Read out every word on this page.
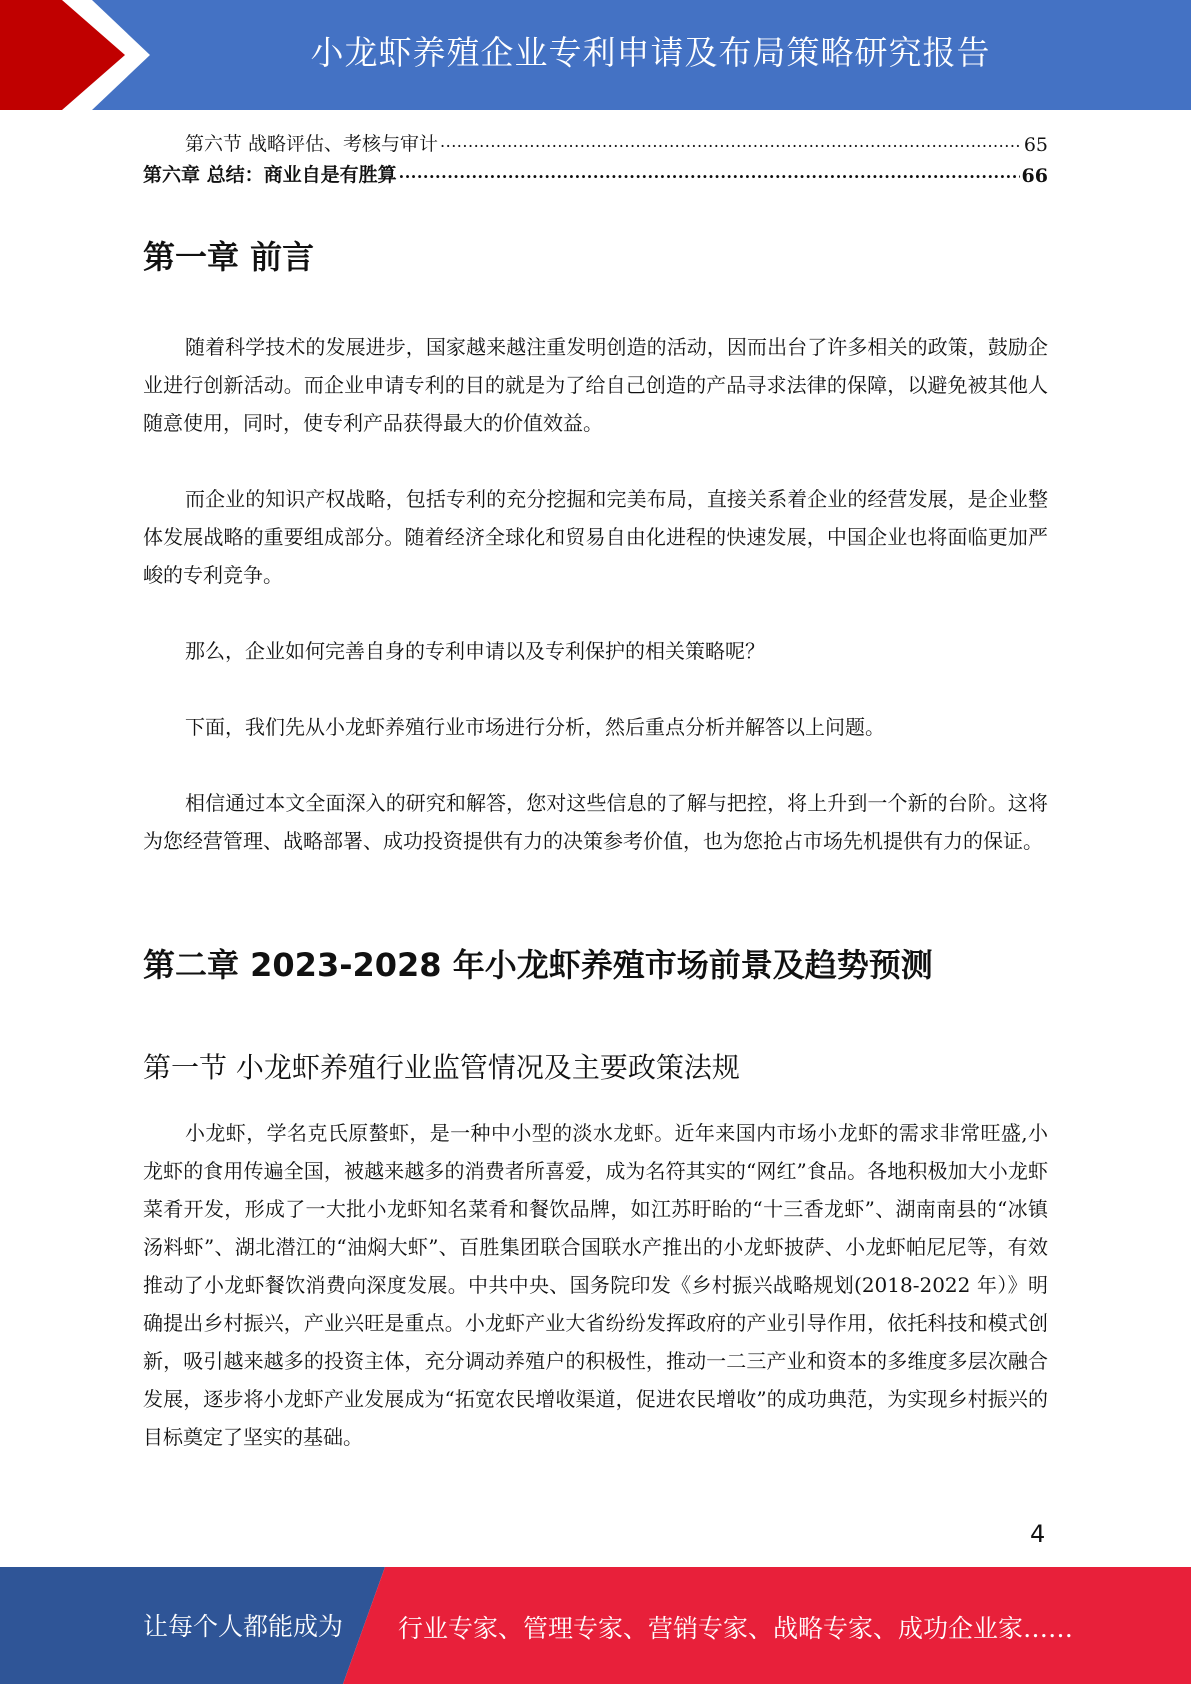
小龙虾养殖企业专利申请及布局策略研究报告
第六节 战略评估、考核与审计 .....	65
第六章 总结：商业自是有胜算 .....	66
第一章 前言

随着科学技术的发展进步，国家越来越注重发明创造的活动，因而出台了许多相关的政策，鼓励企业进行创新活动。而企业申请专利的目的就是为了给自己创造的产品寻求法律的保障，以避免被其他人随意使用，同时，使专利产品获得最大的价值效益。

而企业的知识产权战略，包括专利的充分挖掘和完美布局，直接关系着企业的经营发展，是企业整体发展战略的重要组成部分。随着经济全球化和贸易自由化进程的快速发展，中国企业也将面临更加严峻的专利竞争。

那么，企业如何完善自身的专利申请以及专利保护的相关策略呢？

下面，我们先从小龙虾养殖行业市场进行分析，然后重点分析并解答以上问题。

相信通过本文全面深入的研究和解答，您对这些信息的了解与把控，将上升到一个新的台阶。这将为您经营管理、战略部署、成功投资提供有力的决策参考价值，也为您抢占市场先机提供有力的保证。

第二章 2023-2028 年小龙虾养殖市场前景及趋势预测
第一节 小龙虾养殖行业监管情况及主要政策法规

小龙虾，学名克氏原螯虾，是一种中小型的淡水龙虾。近年来国内市场小龙虾的需求非常旺盛,小龙虾的食用传遍全国，被越来越多的消费者所喜爱，成为名符其实的“网红”食品。各地积极加大小龙虾菜肴开发，形成了一大批小龙虾知名菜肴和餐饮品牌，如江苏盱眙的“十三香龙虾”、湖南南县的“冰镇汤料虾”、湖北潜江的“油焖大虾”、百胜集团联合国联水产推出的小龙虾披萨、小龙虾帕尼尼等，有效推动了小龙虾餐饮消费向深度发展。中共中央、国务院印发《乡村振兴战略规划(2018-2022 年）》明确提出乡村振兴，产业兴旺是重点。小龙虾产业大省纷纷发挥政府的产业引导作用，依托科技和模式创新，吸引越来越多的投资主体，充分调动养殖户的积极性，推动一二三产业和资本的多维度多层次融合发展，逐步将小龙虾产业发展成为“拓宽农民增收渠道，促进农民增收”的成功典范，为实现乡村振兴的目标奠定了坚实的基础。

4
让每个人都能成为 行业专家、管理专家、营销专家、战略专家、成功企业家……
